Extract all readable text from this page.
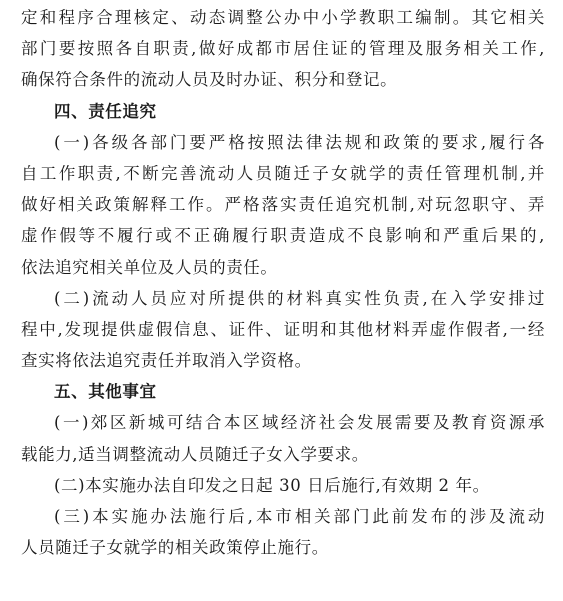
定和程序合理核定、动态调整公办中小学教职工编制。其它相关
部门要按照各自职责,做好成都市居住证的管理及服务相关工作,
确保符合条件的流动人员及时办证、积分和登记。
四、责任追究
(一)各级各部门要严格按照法律法规和政策的要求,履行各
自工作职责,不断完善流动人员随迁子女就学的责任管理机制,并
做好相关政策解释工作。严格落实责任追究机制,对玩忽职守、弄
虚作假等不履行或不正确履行职责造成不良影响和严重后果的,
依法追究相关单位及人员的责任。
(二)流动人员应对所提供的材料真实性负责,在入学安排过
程中,发现提供虚假信息、证件、证明和其他材料弄虚作假者,一经
查实将依法追究责任并取消入学资格。
五、其他事宜
(一)郊区新城可结合本区域经济社会发展需要及教育资源承
载能力,适当调整流动人员随迁子女入学要求。
(二)本实施办法自印发之日起 30 日后施行,有效期 2 年。
(三)本实施办法施行后,本市相关部门此前发布的涉及流动
人员随迁子女就学的相关政策停止施行。
